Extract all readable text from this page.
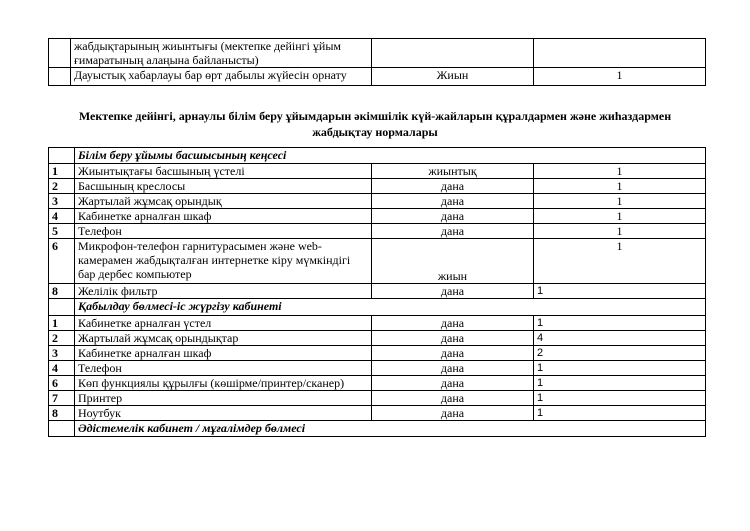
	жабдықтарының жиынтығы (мектепке дейінгі ұйым ғимаратының алаңына байланысты)		
	Дауыстық хабарлауы бар өрт дабылы жүйесін орнату	Жиын	1
Мектепке дейінгі, арнаулы білім беру ұйымдарын әкімшілік күй-жайларын құралдармен және жиһаздармен
жабдықтау нормалары
	Білім беру ұйымы басшысының кеңсесі		
1	Жиынтықтағы басшының үстелі	жиынтық	1
2	Басшының креслосы	дана	1
3	Жартылай жұмсақ орындық	дана	1
4	Кабинетке арналған шкаф	дана	1
5	Телефон	дана	1
6	Микрофон-телефон гарнитурасымен және web-камерамен жабдықталған интернетке кіру мүмкіндігі бар дербес компьютер	жиын	1
8	Желілік фильтр	дана	1
	Қабылдау бөлмесі-іс жүргізу кабинеті		
1	Кабинетке арналған үстел	дана	1
2	Жартылай жұмсақ орындықтар	дана	4
3	Кабинетке арналған шкаф	дана	2
4	Телефон	дана	1
6	Көп функциялы құрылғы (көшірме/принтер/сканер)	дана	1
7	Принтер	дана	1
8	Ноутбук	дана	1
	Әдістемелік кабинет / мұғалімдер бөлмесі		
